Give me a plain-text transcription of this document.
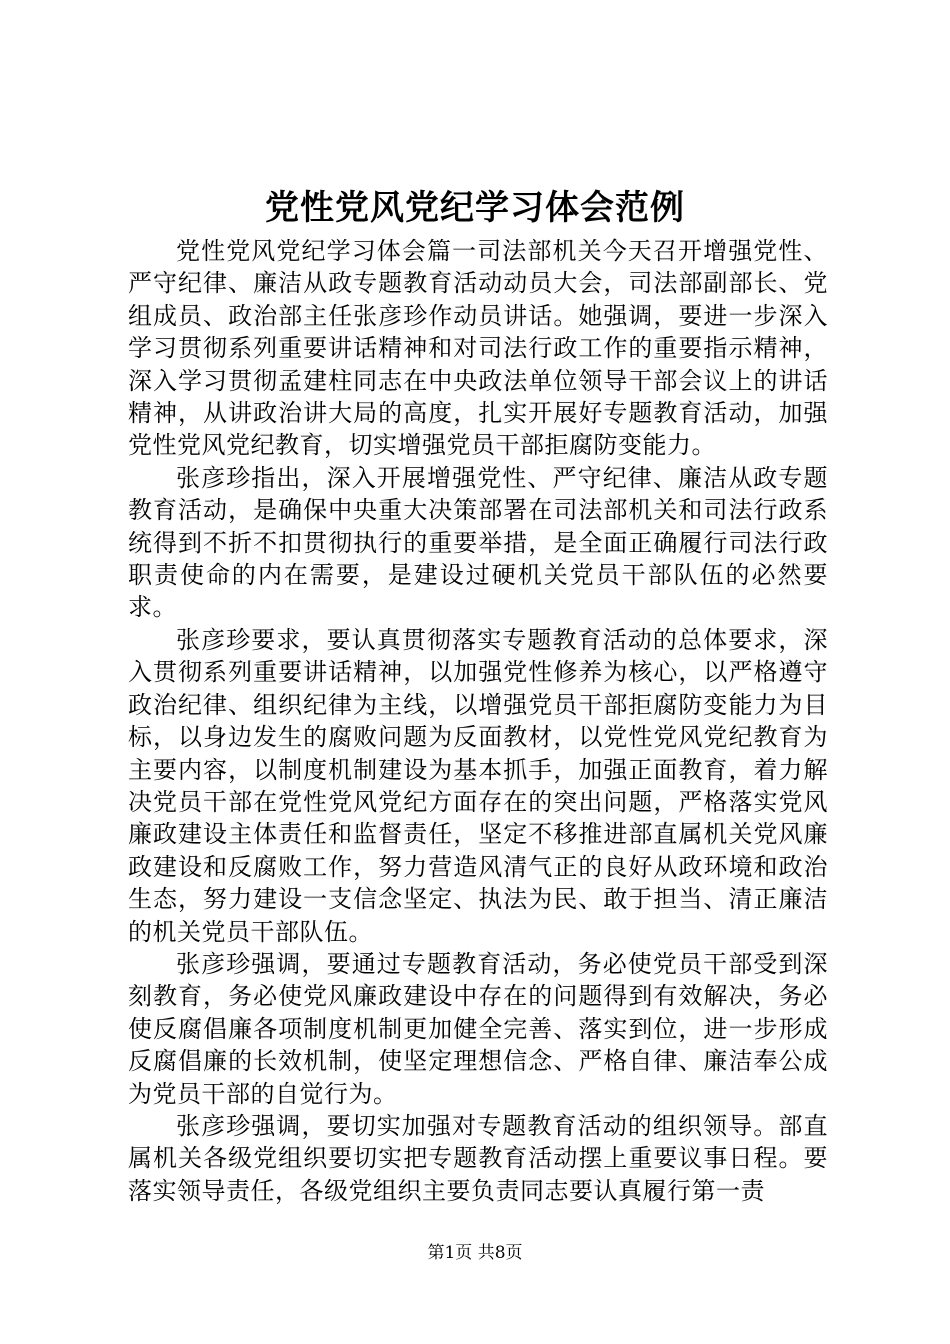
党性党风党纪学习体会范例

党性党风党纪学习体会篇一司法部机关今天召开增强党性、严守纪律、廉洁从政专题教育活动动员大会，司法部副部长、党组成员、政治部主任张彦珍作动员讲话。她强调，要进一步深入学习贯彻系列重要讲话精神和对司法行政工作的重要指示精神，深入学习贯彻孟建柱同志在中央政法单位领导干部会议上的讲话精神，从讲政治讲大局的高度，扎实开展好专题教育活动，加强党性党风党纪教育，切实增强党员干部拒腐防变能力。

张彦珍指出，深入开展增强党性、严守纪律、廉洁从政专题教育活动，是确保中央重大决策部署在司法部机关和司法行政系统得到不折不扣贯彻执行的重要举措，是全面正确履行司法行政职责使命的内在需要，是建设过硬机关党员干部队伍的必然要求。

张彦珍要求，要认真贯彻落实专题教育活动的总体要求，深入贯彻系列重要讲话精神，以加强党性修养为核心，以严格遵守政治纪律、组织纪律为主线，以增强党员干部拒腐防变能力为目标，以身边发生的腐败问题为反面教材，以党性党风党纪教育为主要内容，以制度机制建设为基本抓手，加强正面教育，着力解决党员干部在党性党风党纪方面存在的突出问题，严格落实党风廉政建设主体责任和监督责任，坚定不移推进部直属机关党风廉政建设和反腐败工作，努力营造风清气正的良好从政环境和政治生态，努力建设一支信念坚定、执法为民、敢于担当、清正廉洁的机关党员干部队伍。

张彦珍强调，要通过专题教育活动，务必使党员干部受到深刻教育，务必使党风廉政建设中存在的问题得到有效解决，务必使反腐倡廉各项制度机制更加健全完善、落实到位，进一步形成反腐倡廉的长效机制，使坚定理想信念、严格自律、廉洁奉公成为党员干部的自觉行为。

张彦珍强调，要切实加强对专题教育活动的组织领导。部直属机关各级党组织要切实把专题教育活动摆上重要议事日程。要落实领导责任，各级党组织主要负责同志要认真履行第一责

第1页 共8页
